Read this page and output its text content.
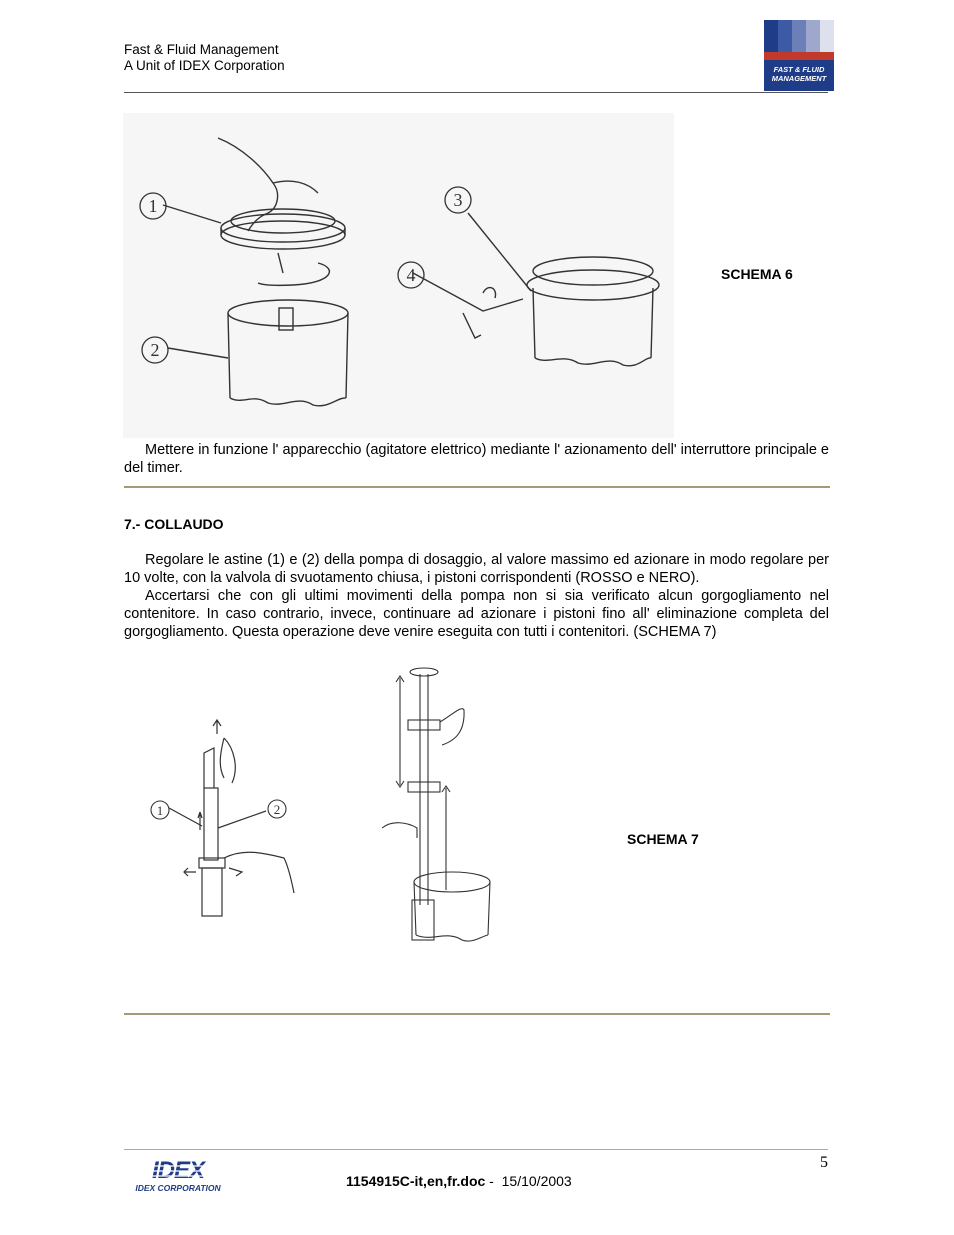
Fast & Fluid Management
A Unit of IDEX Corporation	FAST & FLUID
MANAGEMENT
1
2
3
4	SCHEMA 6

Mettere in funzione l' apparecchio (agitatore elettrico) mediante l' azionamento dell' interruttore principale e del timer.

7.- COLLAUDO

Regolare le astine (1) e (2) della pompa di dosaggio, al valore massimo ed azionare in modo regolare per 10 volte, con la valvola di svuotamento chiusa, i pistoni corrispondenti (ROSSO e NERO).

Accertarsi che con gli ultimi movimenti della pompa non si sia verificato alcun gorgogliamento nel contenitore. In caso contrario, invece, continuare ad azionare i pistoni fino all' eliminazione completa del gorgogliamento. Questa operazione deve venire eseguita con tutti i contenitori. (SCHEMA 7)

1	2
SCHEMA 7
5
IDEX
IDEX CORPORATION	1154915C-it,en,fr.doc -  15/10/2003
